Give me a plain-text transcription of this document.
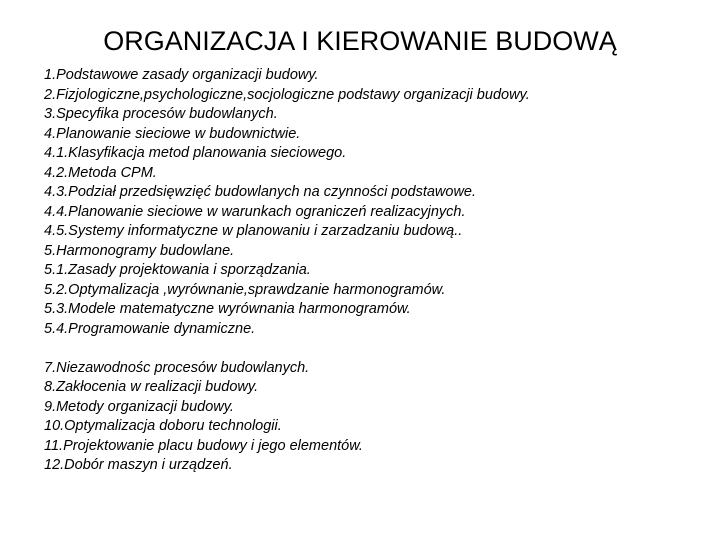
ORGANIZACJA I KIEROWANIE BUDOWĄ
1.Podstawowe zasady organizacji budowy.
2.Fizjologiczne,psychologiczne,socjologiczne podstawy organizacji budowy.
3.Specyfika procesów budowlanych.
4.Planowanie sieciowe w budownictwie.
4.1.Klasyfikacja metod planowania sieciowego.
4.2.Metoda CPM.
4.3.Podział przedsięwzięć budowlanych na czynności podstawowe.
4.4.Planowanie sieciowe w warunkach ograniczeń realizacyjnych.
4.5.Systemy informatyczne w planowaniu i zarzadzaniu budową..
5.Harmonogramy budowlane.
5.1.Zasady projektowania i sporządzania.
5.2.Optymalizacja ,wyrównanie,sprawdzanie harmonogramów.
5.3.Modele matematyczne wyrównania harmonogramów.
5.4.Programowanie dynamiczne.
7.Niezawodnośc procesów budowlanych.
8.Zakłocenia w realizacji budowy.
9.Metody organizacji budowy.
10.Optymalizacja doboru technologii.
11.Projektowanie placu budowy i jego elementów.
12.Dobór maszyn i urządzeń.
